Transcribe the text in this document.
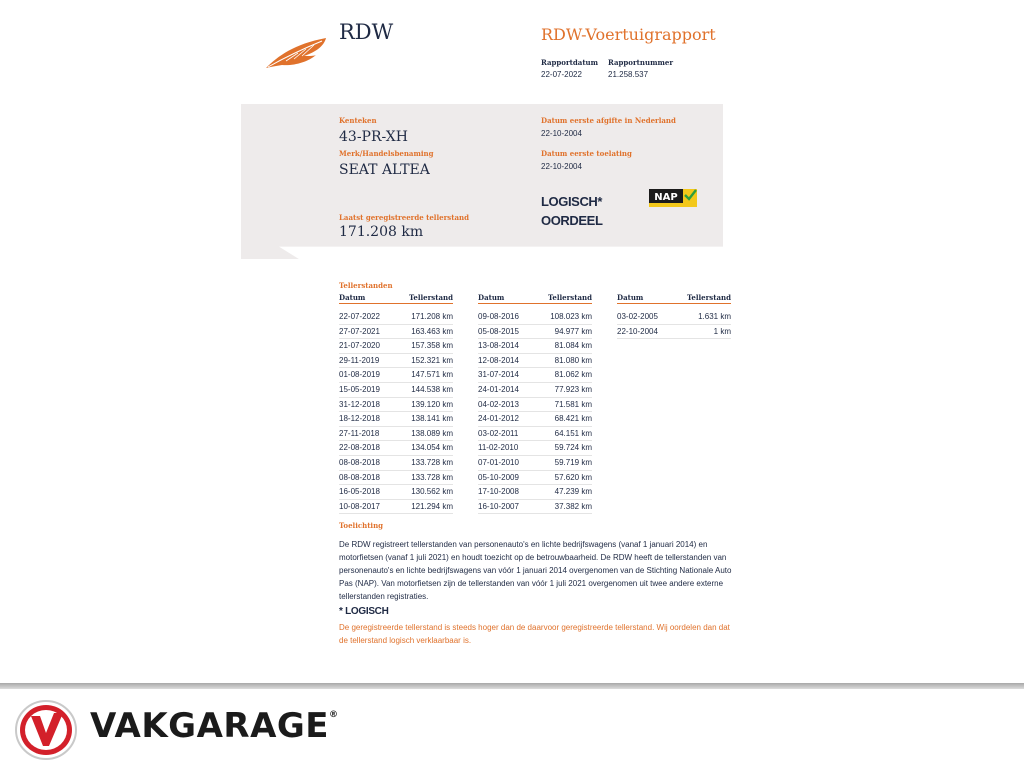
RDW	RDW-Voertuigrapport
Rapportdatum
22-07-2022
Rapportnummer
21.258.537
Kenteken
43-PR-XH
Merk/Handelsbenaming
SEAT ALTEA
Datum eerste afgifte in Nederland
22-10-2004
Datum eerste toelating
22-10-2004
LOGISCH*
OORDEEL
NAP
Laatst geregistreerde tellerstand
171.208 km
Tellerstanden
Datum	Tellerstand
22-07-2022	171.208 km
27-07-2021	163.463 km
21-07-2020	157.358 km
29-11-2019	152.321 km
01-08-2019	147.571 km
15-05-2019	144.538 km
31-12-2018	139.120 km
18-12-2018	138.141 km
27-11-2018	138.089 km
22-08-2018	134.054 km
08-08-2018	133.728 km
08-08-2018	133.728 km
16-05-2018	130.562 km
10-08-2017	121.294 km
Datum	Tellerstand
09-08-2016	108.023 km
05-08-2015	94.977 km
13-08-2014	81.084 km
12-08-2014	81.080 km
31-07-2014	81.062 km
24-01-2014	77.923 km
04-02-2013	71.581 km
24-01-2012	68.421 km
03-02-2011	64.151 km
11-02-2010	59.724 km
07-01-2010	59.719 km
05-10-2009	57.620 km
17-10-2008	47.239 km
16-10-2007	37.382 km
Datum	Tellerstand
03-02-2005	1.631 km
22-10-2004	1 km
Toelichting
De RDW registreert tellerstanden van personenauto's en lichte bedrijfswagens (vanaf 1 januari 2014) en motorfietsen (vanaf 1 juli 2021) en houdt toezicht op de betrouwbaarheid. De RDW heeft de tellerstanden van personenauto's en lichte bedrijfswagens van vóór 1 januari 2014 overgenomen van de Stichting Nationale Auto Pas (NAP). Van motorfietsen zijn de tellerstanden van vóór 1 juli 2021 overgenomen uit twee andere externe tellerstanden registraties.
* LOGISCH
De geregistreerde tellerstand is steeds hoger dan de daarvoor geregistreerde tellerstand. Wij oordelen dan dat de tellerstand logisch verklaarbaar is.
VAKGARAGE®
